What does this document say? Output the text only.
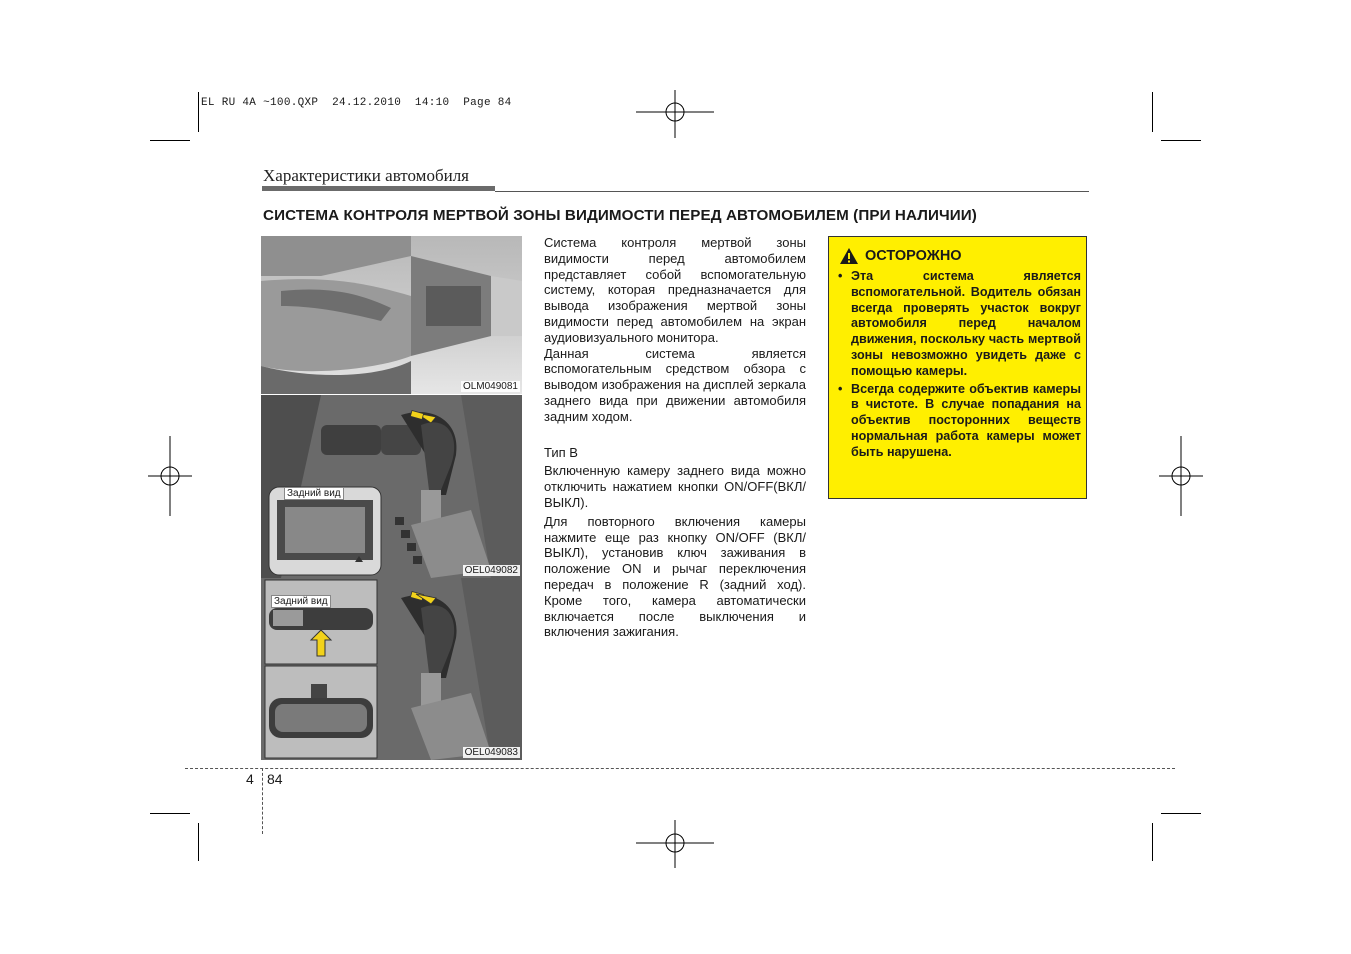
EL RU 4A ~100.QXP  24.12.2010  14:10  Page 84
Характеристики автомобиля
СИСТЕМА КОНТРОЛЯ МЕРТВОЙ ЗОНЫ ВИДИМОСТИ ПЕРЕД АВТОМОБИЛЕМ (ПРИ НАЛИЧИИ)
OLM049081
Задний вид
OEL049082
Задний вид
OEL049083

Система контроля мертвой зоны видимости перед автомобилем представляет собой вспомогательную систему, которая предназначается для вывода изображения мертвой зоны видимости перед автомобилем на экран аудиовизуального монитора.

Данная система является вспомогательным средством обзора с выводом изображения на дисплей зеркала заднего вида при движении автомобиля задним ходом.

Тип B

Включенную камеру заднего вида можно отключить нажатием кнопки ON/OFF(ВКЛ/ВЫКЛ).

Для повторного включения камеры нажмите еще раз кнопку ON/OFF (ВКЛ/ВЫКЛ), установив ключ заживания в положение ON и рычаг переключения передач в положение R (задний ход). Кроме того, камера автоматически включается после выключения и включения зажигания.

ОСТОРОЖНО
• Эта система является вспомогательной. Водитель обязан всегда проверять участок вокруг автомобиля перед началом движения, поскольку часть мертвой зоны невозможно увидеть даже с помощью камеры.
• Всегда содержите объектив камеры в чистоте. В случае попадания на объектив посторонних веществ нормальная работа камеры может быть нарушена.
4 84
